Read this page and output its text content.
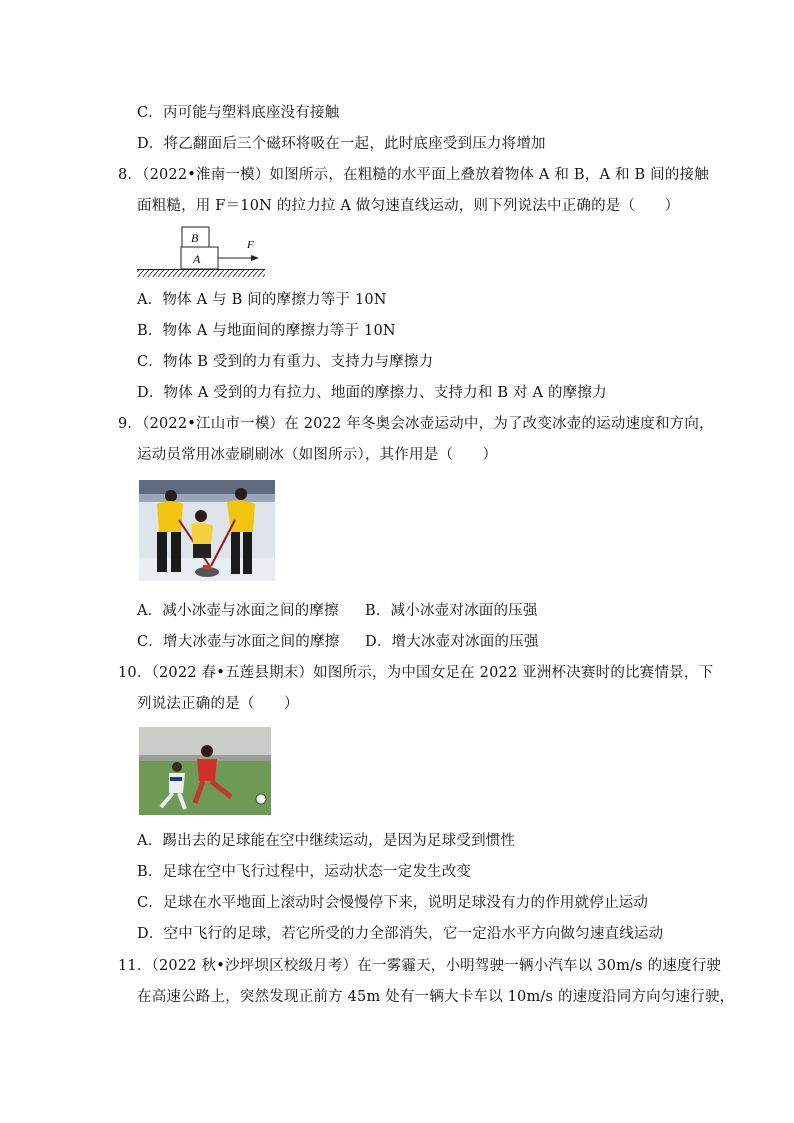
C．丙可能与塑料底座没有接触
D．将乙翻面后三个磁环将吸在一起，此时底座受到压力将增加
8．（2022•淮南一模）如图所示，在粗糙的水平面上叠放着物体 A 和 B，A 和 B 间的接触
面粗糙，用 F＝10N 的拉力拉 A 做匀速直线运动，则下列说法中正确的是（　　）
B
A
F
A．物体 A 与 B 间的摩擦力等于 10N
B．物体 A 与地面间的摩擦力等于 10N
C．物体 B 受到的力有重力、支持力与摩擦力
D．物体 A 受到的力有拉力、地面的摩擦力、支持力和 B 对 A 的摩擦力
9．（2022•江山市一模）在 2022 年冬奥会冰壶运动中，为了改变冰壶的运动速度和方向，
运动员常用冰壶刷刷冰（如图所示），其作用是（　　）
A．减小冰壶与冰面之间的摩擦 B．减小冰壶对冰面的压强
C．增大冰壶与冰面之间的摩擦 D．增大冰壶对冰面的压强
10．（2022 春•五莲县期末）如图所示，为中国女足在 2022 亚洲杯决赛时的比赛情景，下
列说法正确的是（　　）
A．踢出去的足球能在空中继续运动，是因为足球受到惯性
B．足球在空中飞行过程中，运动状态一定发生改变
C．足球在水平地面上滚动时会慢慢停下来，说明足球没有力的作用就停止运动
D．空中飞行的足球，若它所受的力全部消失，它一定沿水平方向做匀速直线运动
11．（2022 秋•沙坪坝区校级月考）在一雾霾天，小明驾驶一辆小汽车以 30m/s 的速度行驶
在高速公路上，突然发现正前方 45m 处有一辆大卡车以 10m/s 的速度沿同方向匀速行驶，
